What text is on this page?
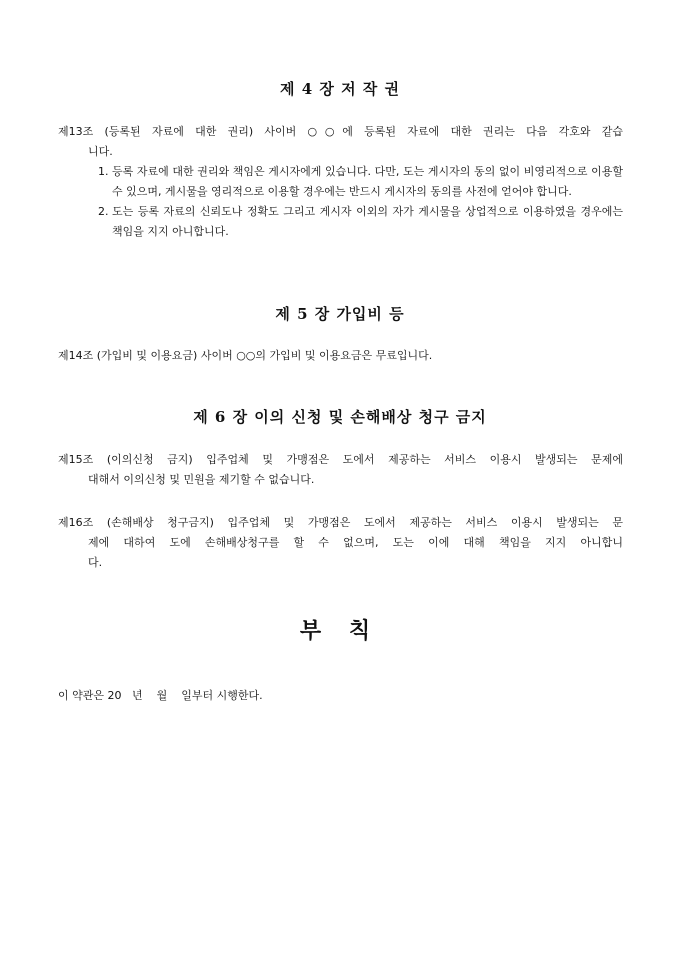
제 4 장 저 작 권
제13조 (등록된 자료에 대한 권리) 사이버 ○○에 등록된 자료에 대한 권리는 다음 각호와 같습
니다.
1. 등록 자료에 대한 권리와 책임은 게시자에게 있습니다. 다만, 도는 게시자의 동의 없이 비영리적으로 이용할 수 있으며, 게시물을 영리적으로 이용할 경우에는 반드시 게시자의 동의를 사전에 얻어야 합니다.
2. 도는 등록 자료의 신뢰도나 정확도 그리고 게시자 이외의 자가 게시물을 상업적으로 이용하였을 경우에는 책임을 지지 아니합니다.
제 5 장 가입비 등
제14조 (가입비 및 이용요금) 사이버 ○○의 가입비 및 이용요금은 무료입니다.
제 6 장 이의 신청 및 손해배상 청구 금지
제15조 (이의신청 금지) 입주업체 및 가맹점은 도에서 제공하는 서비스 이용시 발생되는 문제에
대해서 이의신청 및 민원을 제기할 수 없습니다.
제16조 (손해배상 청구금지) 입주업체 및 가맹점은 도에서 제공하는 서비스 이용시 발생되는 문
제에 대하여 도에 손해배상청구를 할 수 없으며, 도는 이에 대해 책임을 지지 아니합니
다.
부 칙

이 약관은 20   년    월    일부터 시행한다.
